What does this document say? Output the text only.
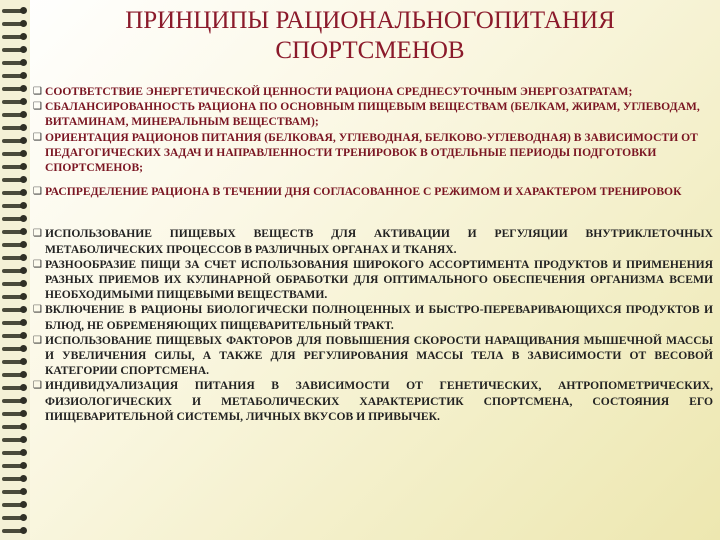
ПРИНЦИПЫ РАЦИОНАЛЬНОГОПИТАНИЯ
СПОРТСМЕНОВ
❑ СООТВЕТСТВИЕ ЭНЕРГЕТИЧЕСКОЙ ЦЕННОСТИ РАЦИОНА СРЕДНЕСУТОЧНЫМ ЭНЕРГОЗАТРАТАМ;
❑ СБАЛАНСИРОВАННОСТЬ РАЦИОНА ПО ОСНОВНЫМ ПИЩЕВЫМ ВЕЩЕСТВАМ (БЕЛКАМ, ЖИРАМ, УГЛЕВОДАМ, ВИТАМИНАМ, МИНЕРАЛЬНЫМ ВЕЩЕСТВАМ);
❑ ОРИЕНТАЦИЯ РАЦИОНОВ ПИТАНИЯ (БЕЛКОВАЯ, УГЛЕВОДНАЯ, БЕЛКОВО-УГЛЕВОДНАЯ) В ЗАВИСИМОСТИ ОТ ПЕДАГОГИЧЕСКИХ ЗАДАЧ И НАПРАВЛЕННОСТИ ТРЕНИРОВОК В ОТДЕЛЬНЫЕ ПЕРИОДЫ ПОДГОТОВКИ СПОРТСМЕНОВ;
❑ РАСПРЕДЕЛЕНИЕ РАЦИОНА В ТЕЧЕНИИ ДНЯ СОГЛАСОВАННОЕ С РЕЖИМОМ И ХАРАКТЕРОМ ТРЕНИРОВОК
❑ ИСПОЛЬЗОВАНИЕ ПИЩЕВЫХ ВЕЩЕСТВ ДЛЯ АКТИВАЦИИ И РЕГУЛЯЦИИ ВНУТРИКЛЕТОЧНЫХ МЕТАБОЛИЧЕСКИХ ПРОЦЕССОВ В РАЗЛИЧНЫХ ОРГАНАХ И ТКАНЯХ.
❑ РАЗНООБРАЗИЕ ПИЩИ ЗА СЧЕТ ИСПОЛЬЗОВАНИЯ ШИРОКОГО АССОРТИМЕНТА ПРОДУКТОВ И ПРИМЕНЕНИЯ РАЗНЫХ ПРИЕМОВ ИХ КУЛИНАРНОЙ ОБРАБОТКИ ДЛЯ ОПТИМАЛЬНОГО ОБЕСПЕЧЕНИЯ ОРГАНИЗМА ВСЕМИ НЕОБХОДИМЫМИ ПИЩЕВЫМИ ВЕЩЕСТВАМИ.
❑ ВКЛЮЧЕНИЕ В РАЦИОНЫ БИОЛОГИЧЕСКИ ПОЛНОЦЕННЫХ И БЫСТРО-ПЕРЕВАРИВАЮЩИХСЯ ПРОДУКТОВ И БЛЮД, НЕ ОБРЕМЕНЯЮЩИХ ПИЩЕВАРИТЕЛЬНЫЙ ТРАКТ.
❑ ИСПОЛЬЗОВАНИЕ ПИЩЕВЫХ ФАКТОРОВ ДЛЯ ПОВЫШЕНИЯ СКОРОСТИ НАРАЩИВАНИЯ МЫШЕЧНОЙ МАССЫ И УВЕЛИЧЕНИЯ СИЛЫ, А ТАКЖЕ ДЛЯ РЕГУЛИРОВАНИЯ МАССЫ ТЕЛА В ЗАВИСИМОСТИ ОТ ВЕСОВОЙ КАТЕГОРИИ СПОРТСМЕНА.
❑ ИНДИВИДУАЛИЗАЦИЯ ПИТАНИЯ В ЗАВИСИМОСТИ ОТ ГЕНЕТИЧЕСКИХ, АНТРОПОМЕТРИЧЕСКИХ, ФИЗИОЛОГИЧЕСКИХ И МЕТАБОЛИЧЕСКИХ ХАРАКТЕРИСТИК СПОРТСМЕНА, СОСТОЯНИЯ ЕГО ПИЩЕВАРИТЕЛЬНОЙ СИСТЕМЫ, ЛИЧНЫХ ВКУСОВ И ПРИВЫЧЕК.
